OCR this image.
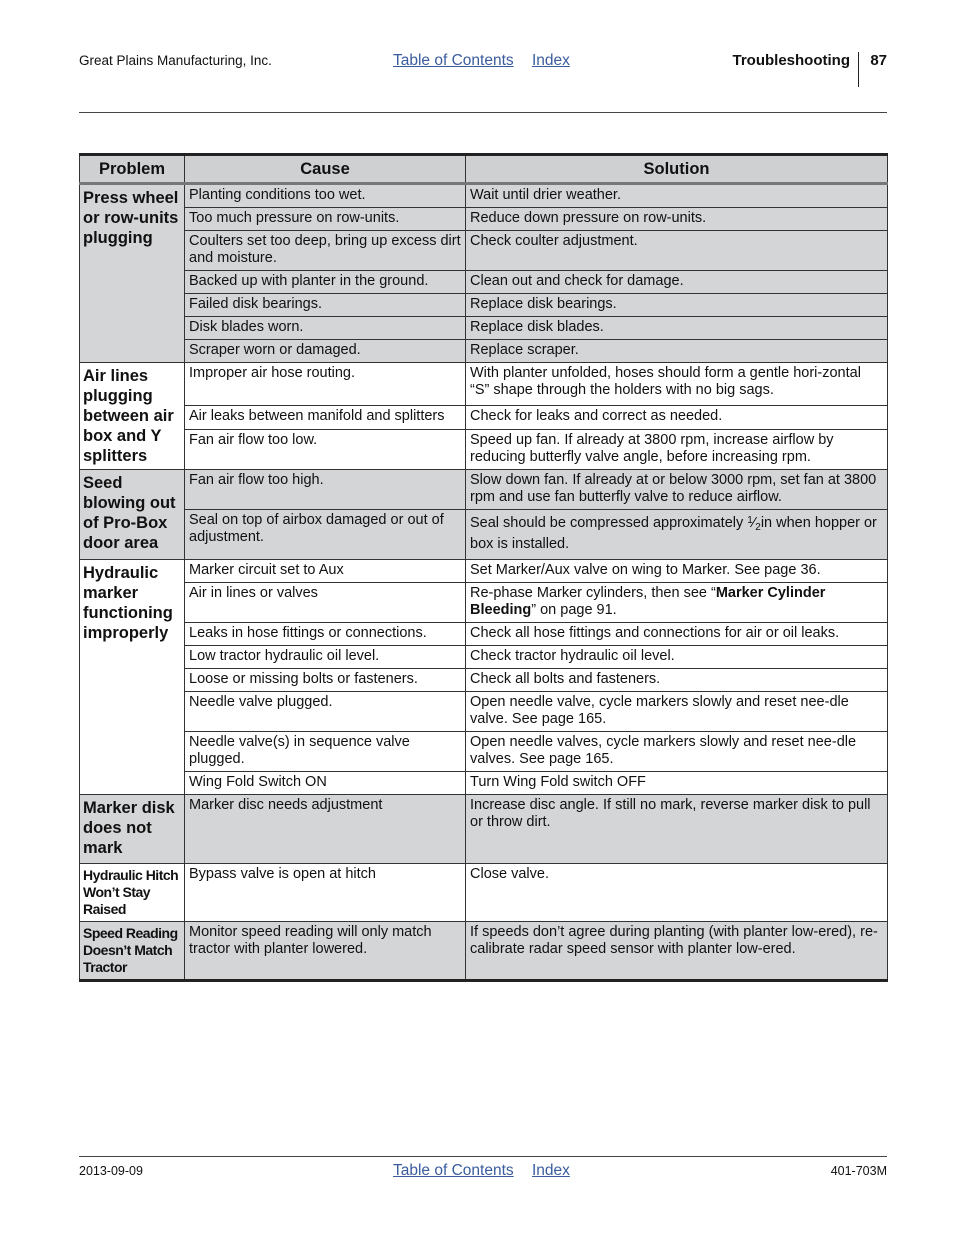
Great Plains Manufacturing, Inc.	Table of Contents Index	Troubleshooting 87
Problem	Cause	Solution
Press wheel or row-units plugging	Planting conditions too wet.	Wait until drier weather.
	Too much pressure on row-units.	Reduce down pressure on row-units.
	Coulters set too deep, bring up excess dirt and moisture.	Check coulter adjustment.
	Backed up with planter in the ground.	Clean out and check for damage.
	Failed disk bearings.	Replace disk bearings.
	Disk blades worn.	Replace disk blades.
	Scraper worn or damaged.	Replace scraper.
Air lines plugging between air box and Y splitters	Improper air hose routing.	With planter unfolded, hoses should form a gentle hori-zontal “S” shape through the holders with no big sags.
	Air leaks between manifold and splitters	Check for leaks and correct as needed.
	Fan air flow too low.	Speed up fan. If already at 3800 rpm, increase airflow by reducing butterfly valve angle, before increasing rpm.
Seed blowing out of Pro-Box door area	Fan air flow too high.	Slow down fan. If already at or below 3000 rpm, set fan at 3800 rpm and use fan butterfly valve to reduce airflow.
	Seal on top of airbox damaged or out of adjustment.	Seal should be compressed approximately $^1⁄_2in$ when hopper or box is installed.
Hydraulic marker functioning improperly	Marker circuit set to Aux	Set Marker/Aux valve on wing to Marker. See page 36.
	Air in lines or valves	Re-phase Marker cylinders, then see “Marker Cylinder Bleeding” on page 91.
	Leaks in hose fittings or connections.	Check all hose fittings and connections for air or oil leaks.
	Low tractor hydraulic oil level.	Check tractor hydraulic oil level.
	Loose or missing bolts or fasteners.	Check all bolts and fasteners.
	Needle valve plugged.	Open needle valve, cycle markers slowly and reset nee-dle valve. See page 165.
	Needle valve(s) in sequence valve plugged.	Open needle valves, cycle markers slowly and reset nee-dle valves. See page 165.
	Wing Fold Switch ON	Turn Wing Fold switch OFF
Marker disk does not mark	Marker disc needs adjustment	Increase disc angle. If still no mark, reverse marker disk to pull or throw dirt.
Hydraulic Hitch Won’t Stay Raised	Bypass valve is open at hitch	Close valve.
Speed Reading Doesn’t Match Tractor	Monitor speed reading will only match tractor with planter lowered.	If speeds don’t agree during planting (with planter low-ered), re-calibrate radar speed sensor with planter low-ered.
2013-09-09	Table of Contents Index	401-703M
